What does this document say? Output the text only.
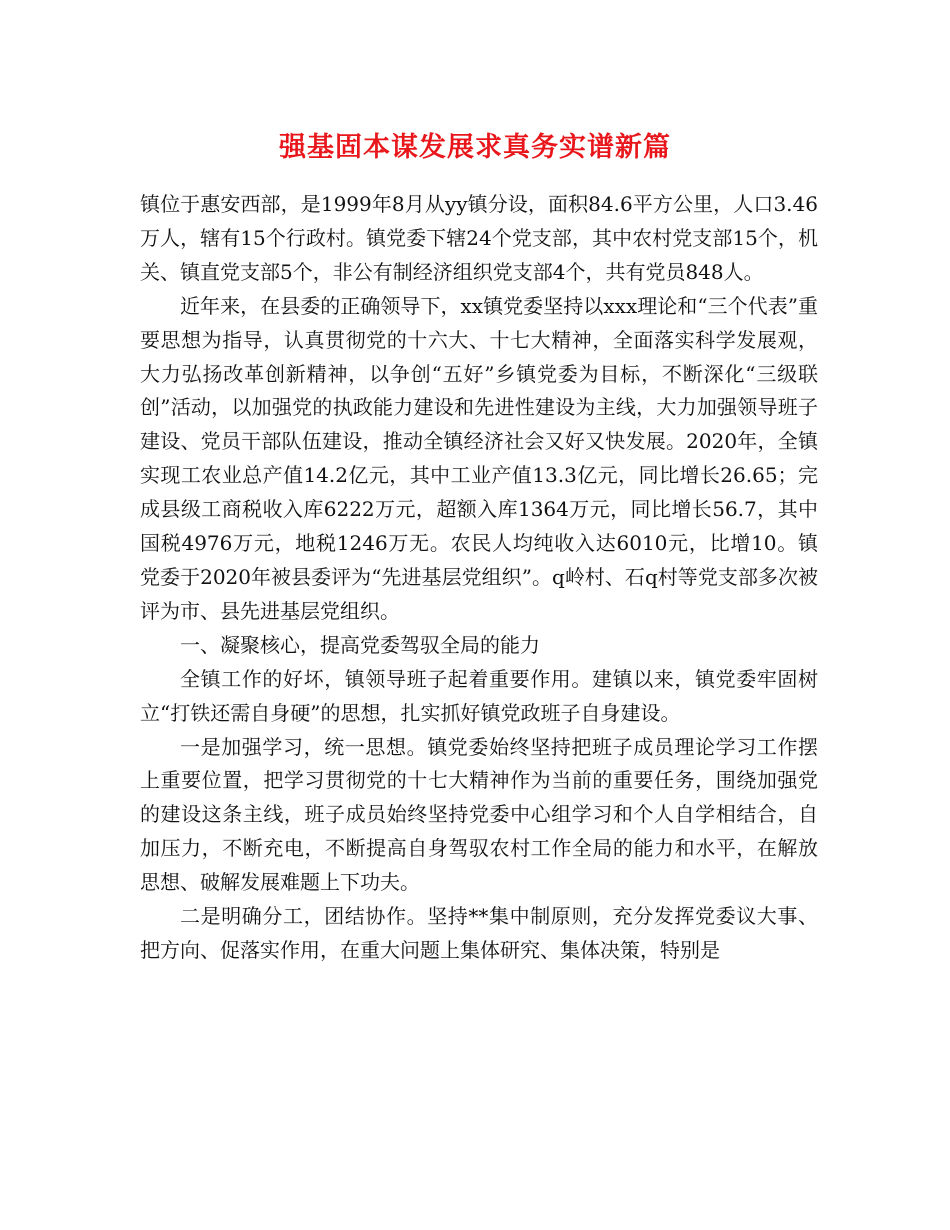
强基固本谋发展求真务实谱新篇

镇位于惠安西部，是1999年8月从yy镇分设，面积84.6平方公里，人口3.46万人，辖有15个行政村。镇党委下辖24个党支部，其中农村党支部15个，机关、镇直党支部5个，非公有制经济组织党支部4个，共有党员848人。

近年来，在县委的正确领导下，xx镇党委坚持以xxx理论和“三个代表”重要思想为指导，认真贯彻党的十六大、十七大精神，全面落实科学发展观，大力弘扬改革创新精神，以争创“五好”乡镇党委为目标，不断深化“三级联创”活动，以加强党的执政能力建设和先进性建设为主线，大力加强领导班子建设、党员干部队伍建设，推动全镇经济社会又好又快发展。2020年，全镇实现工农业总产值14.2亿元，其中工业产值13.3亿元，同比增长26.65；完成县级工商税收入库6222万元，超额入库1364万元，同比增长56.7，其中国税4976万元，地税1246万无。农民人均纯收入达6010元，比增10。镇党委于2020年被县委评为“先进基层党组织”。q岭村、石q村等党支部多次被评为市、县先进基层党组织。

一、凝聚核心，提高党委驾驭全局的能力

全镇工作的好坏，镇领导班子起着重要作用。建镇以来，镇党委牢固树立“打铁还需自身硬”的思想，扎实抓好镇党政班子自身建设。

一是加强学习，统一思想。镇党委始终坚持把班子成员理论学习工作摆上重要位置，把学习贯彻党的十七大精神作为当前的重要任务，围绕加强党的建设这条主线，班子成员始终坚持党委中心组学习和个人自学相结合，自加压力，不断充电，不断提高自身驾驭农村工作全局的能力和水平，在解放思想、破解发展难题上下功夫。

二是明确分工，团结协作。坚持**集中制原则，充分发挥党委议大事、把方向、促落实作用，在重大问题上集体研究、集体决策，特别是
